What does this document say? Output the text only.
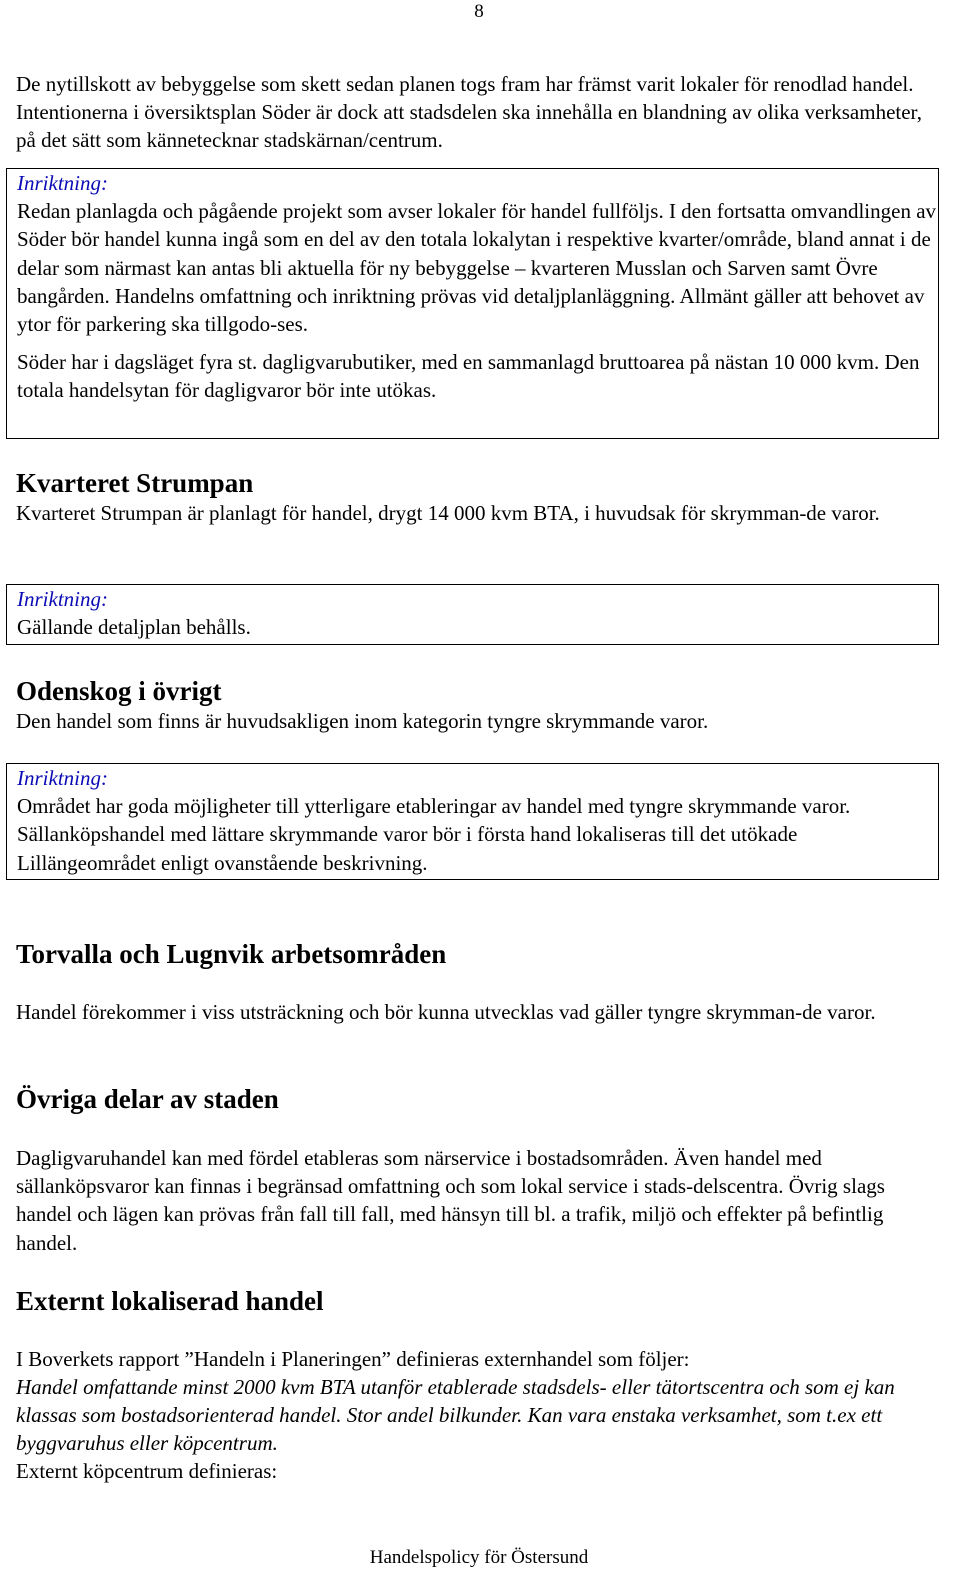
8

De nytillskott av bebyggelse som skett sedan planen togs fram har främst varit lokaler för renodlad handel. Intentionerna i översiktsplan Söder är dock att stadsdelen ska innehålla en blandning av olika verksamheter, på det sätt som kännetecknar stadskärnan/centrum.

Inriktning:

Redan planlagda och pågående projekt som avser lokaler för handel fullföljs. I den fortsatta omvandlingen av Söder bör handel kunna ingå som en del av den totala lokalytan i respektive kvarter/område, bland annat i de delar som närmast kan antas bli aktuella för ny bebyggelse – kvarteren Musslan och Sarven samt Övre bangården. Handelns omfattning och inriktning prövas vid detaljplanläggning. Allmänt gäller att behovet av ytor för parkering ska tillgodo-ses.

Söder har i dagsläget fyra st. dagligvarubutiker, med en sammanlagd bruttoarea på nästan 10 000 kvm. Den totala handelsytan för dagligvaror bör inte utökas.

Kvarteret Strumpan

Kvarteret Strumpan är planlagt för handel, drygt 14 000 kvm BTA, i huvudsak för skrymman-de varor.

Inriktning:

Gällande detaljplan behålls.

Odenskog i övrigt

Den handel som finns är huvudsakligen inom kategorin tyngre skrymmande varor.

Inriktning:

Området har goda möjligheter till ytterligare etableringar av handel med tyngre skrymmande varor. Sällanköpshandel med lättare skrymmande varor bör i första hand lokaliseras till det utökade Lillängeområdet enligt ovanstående beskrivning.

Torvalla och Lugnvik arbetsområden

Handel förekommer i viss utsträckning och bör kunna utvecklas vad gäller tyngre skrymman-de varor.

Övriga delar av staden

Dagligvaruhandel kan med fördel etableras som närservice i bostadsområden. Även handel med sällanköpsvaror kan finnas i begränsad omfattning och som lokal service i stads-delscentra. Övrig slags handel och lägen kan prövas från fall till fall, med hänsyn till bl. a trafik, miljö och effekter på befintlig handel.

Externt lokaliserad handel

I Boverkets rapport ”Handeln i Planeringen” definieras externhandel som följer:

Handel omfattande minst 2000 kvm BTA utanför etablerade stadsdels- eller tätortscentra och som ej kan klassas som bostadsorienterad handel. Stor andel bilkunder. Kan vara enstaka verksamhet, som t.ex ett byggvaruhus eller köpcentrum.

Externt köpcentrum definieras:

Handelspolicy för Östersund
